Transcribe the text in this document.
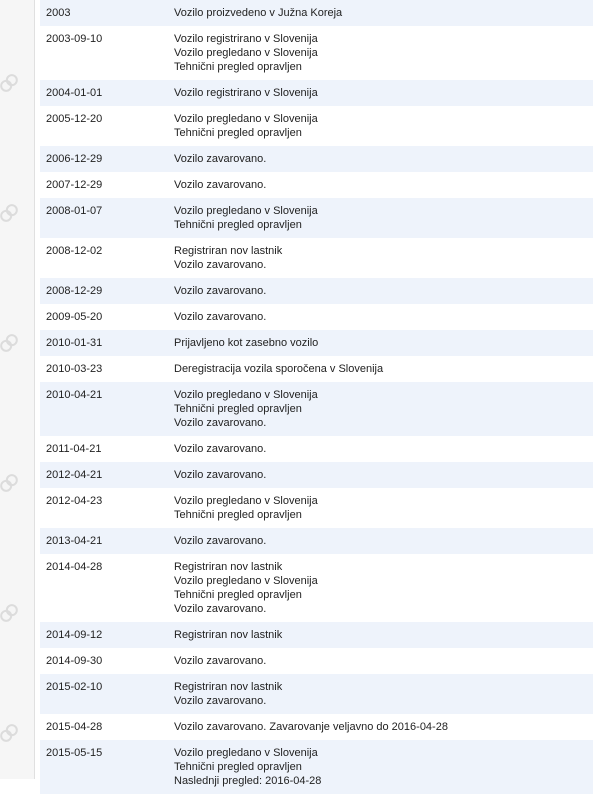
2003	Vozilo proizvedeno v Južna Koreja

2003-09-10	Vozilo registrirano v Slovenija
Vozilo pregledano v Slovenija
Tehnični pregled opravljen

2004-01-01	Vozilo registrirano v Slovenija

2005-12-20	Vozilo pregledano v Slovenija
Tehnični pregled opravljen

2006-12-29	Vozilo zavarovano.

2007-12-29	Vozilo zavarovano.

2008-01-07	Vozilo pregledano v Slovenija
Tehnični pregled opravljen

2008-12-02	Registriran nov lastnik
Vozilo zavarovano.

2008-12-29	Vozilo zavarovano.

2009-05-20	Vozilo zavarovano.

2010-01-31	Prijavljeno kot zasebno vozilo

2010-03-23	Deregistracija vozila sporočena v Slovenija

2010-04-21	Vozilo pregledano v Slovenija
Tehnični pregled opravljen
Vozilo zavarovano.

2011-04-21	Vozilo zavarovano.

2012-04-21	Vozilo zavarovano.

2012-04-23	Vozilo pregledano v Slovenija
Tehnični pregled opravljen

2013-04-21	Vozilo zavarovano.

2014-04-28	Registriran nov lastnik
Vozilo pregledano v Slovenija
Tehnični pregled opravljen
Vozilo zavarovano.

2014-09-12	Registriran nov lastnik

2014-09-30	Vozilo zavarovano.

2015-02-10	Registriran nov lastnik
Vozilo zavarovano.

2015-04-28	Vozilo zavarovano. Zavarovanje veljavno do 2016-04-28

2015-05-15	Vozilo pregledano v Slovenija
Tehnični pregled opravljen
Naslednji pregled: 2016-04-28
